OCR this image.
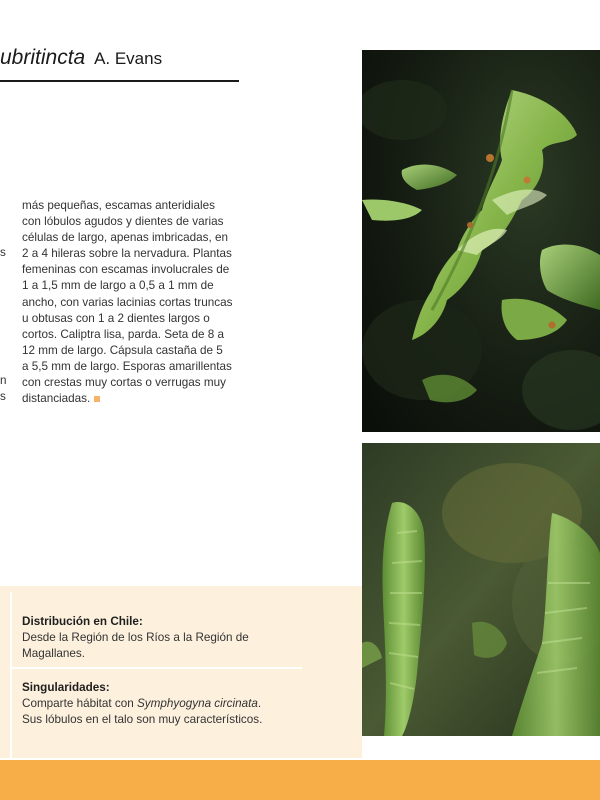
ubritincta A. Evans
s
n
s
más pequeñas, escamas anteridiales
con lóbulos agudos y dientes de varias
células de largo, apenas imbricadas, en
2 a 4 hileras sobre la nervadura. Plantas
femeninas con escamas involucrales de
1 a 1,5 mm de largo a 0,5 a 1 mm de
ancho, con varias lacinias cortas truncas
u obtusas con 1 a 2 dientes largos o
cortos. Caliptra lisa, parda. Seta de 8 a
12 mm de largo. Cápsula castaña de 5
a 5,5 mm de largo. Esporas amarillentas
con crestas muy cortas o verrugas muy
distanciadas.
Distribución en Chile:
Desde la Región de los Ríos a la Región de Magallanes.
Singularidades:
Comparte hábitat con Symphyogyna circinata. Sus lóbulos en el talo son muy característicos.
